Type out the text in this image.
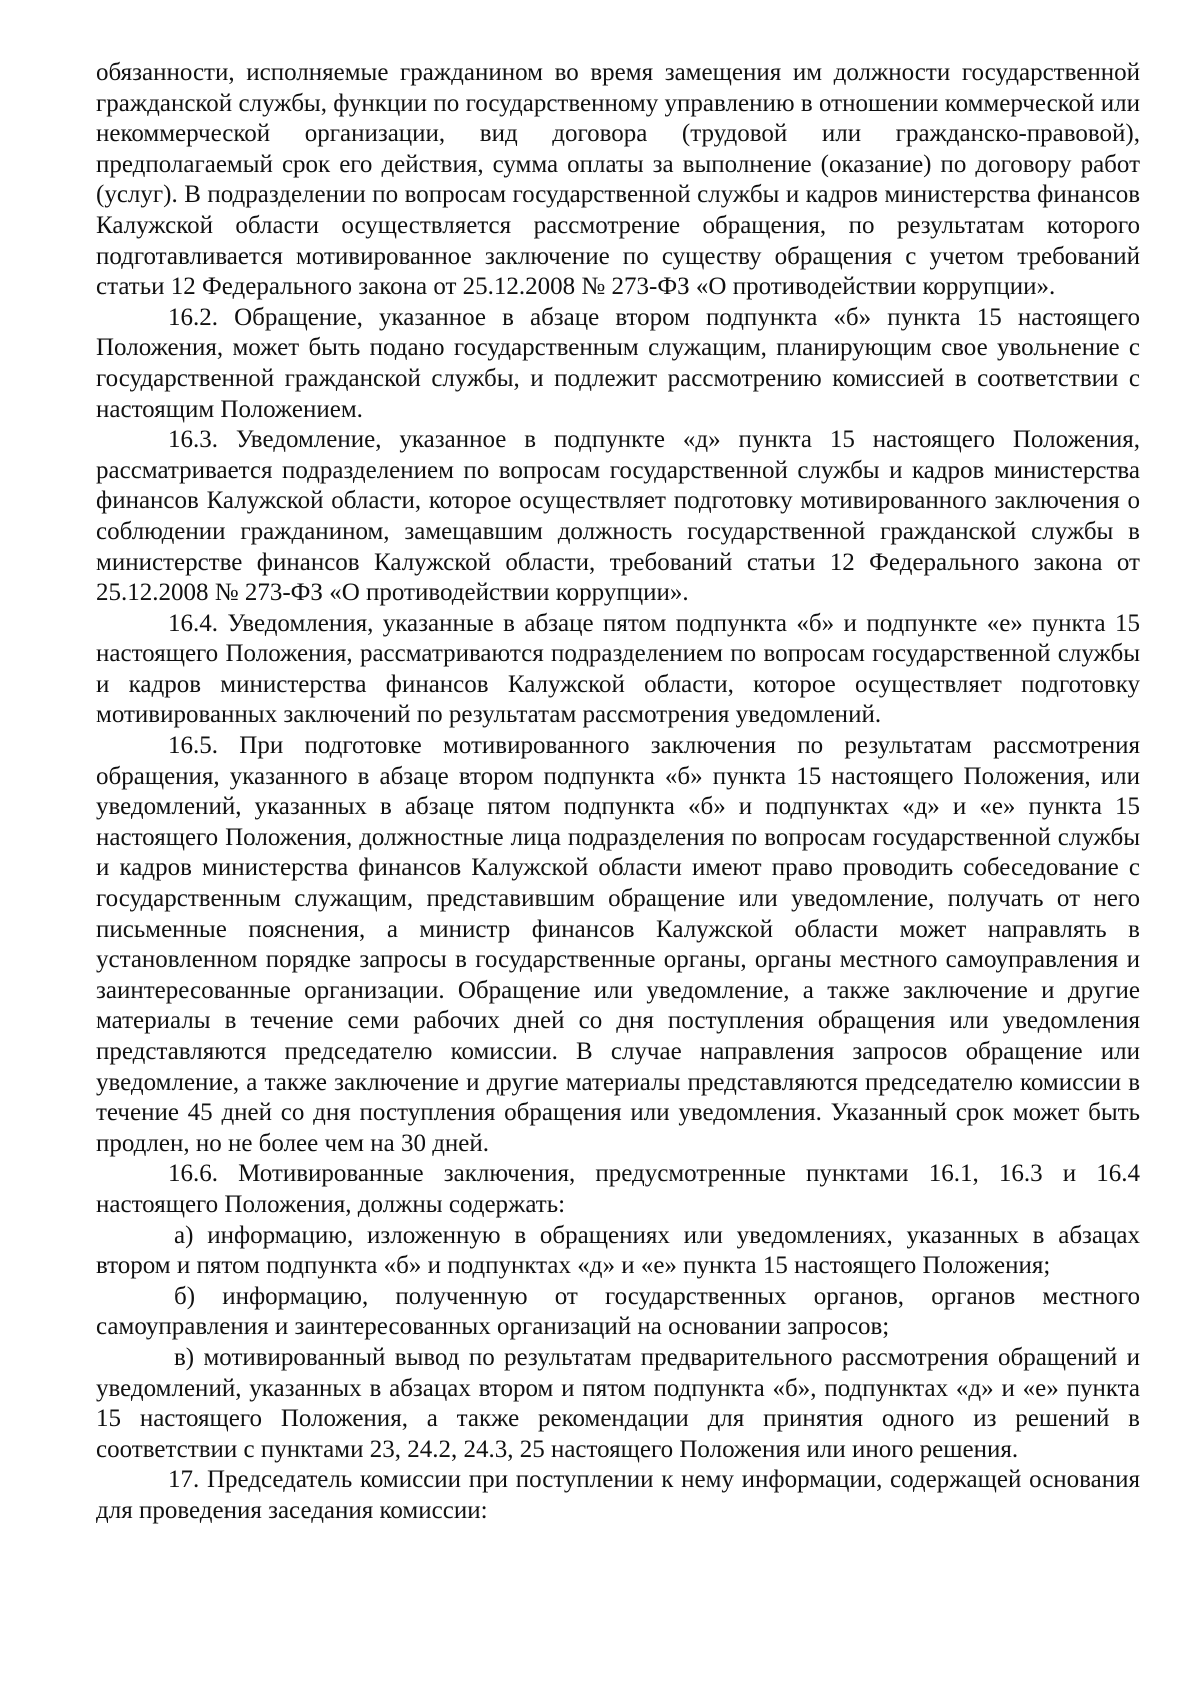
обязанности, исполняемые гражданином во время замещения им должности государственной гражданской службы, функции по государственному управлению в отношении коммерческой или некоммерческой организации, вид договора (трудовой или гражданско-правовой), предполагаемый срок его действия, сумма оплаты за выполнение (оказание) по договору работ (услуг). В подразделении по вопросам государственной службы и кадров министерства финансов Калужской области осуществляется рассмотрение обращения, по результатам которого подготавливается мотивированное заключение по существу обращения с учетом требований статьи 12 Федерального закона от 25.12.2008 № 273-ФЗ «О противодействии коррупции».

16.2. Обращение, указанное в абзаце втором подпункта «б» пункта 15 настоящего Положения, может быть подано государственным служащим, планирующим свое увольнение с государственной гражданской службы, и подлежит рассмотрению комиссией в соответствии с настоящим Положением.

16.3. Уведомление, указанное в подпункте «д» пункта 15 настоящего Положения, рассматривается подразделением по вопросам государственной службы и кадров министерства финансов Калужской области, которое осуществляет подготовку мотивированного заключения о соблюдении гражданином, замещавшим должность государственной гражданской службы в министерстве финансов Калужской области, требований статьи 12 Федерального закона от 25.12.2008 № 273-ФЗ «О противодействии коррупции».

16.4. Уведомления, указанные в абзаце пятом подпункта «б» и подпункте «е» пункта 15 настоящего Положения, рассматриваются подразделением по вопросам государственной службы и кадров министерства финансов Калужской области, которое осуществляет подготовку мотивированных заключений по результатам рассмотрения уведомлений.

16.5. При подготовке мотивированного заключения по результатам рассмотрения обращения, указанного в абзаце втором подпункта «б» пункта 15 настоящего Положения, или уведомлений, указанных в абзаце пятом подпункта «б» и подпунктах «д» и «е» пункта 15 настоящего Положения, должностные лица подразделения по вопросам государственной службы и кадров министерства финансов Калужской области имеют право проводить собеседование с государственным служащим, представившим обращение или уведомление, получать от него письменные пояснения, а министр финансов Калужской области может направлять в установленном порядке запросы в государственные органы, органы местного самоуправления и заинтересованные организации. Обращение или уведомление, а также заключение и другие материалы в течение семи рабочих дней со дня поступления обращения или уведомления представляются председателю комиссии. В случае направления запросов обращение или уведомление, а также заключение и другие материалы представляются председателю комиссии в течение 45 дней со дня поступления обращения или уведомления. Указанный срок может быть продлен, но не более чем на 30 дней.

16.6. Мотивированные заключения, предусмотренные пунктами 16.1, 16.3 и 16.4 настоящего Положения, должны содержать:

а) информацию, изложенную в обращениях или уведомлениях, указанных в абзацах втором и пятом подпункта «б» и подпунктах «д» и «е» пункта 15 настоящего Положения;

б) информацию, полученную от государственных органов, органов местного самоуправления и заинтересованных организаций на основании запросов;

в) мотивированный вывод по результатам предварительного рассмотрения обращений и уведомлений, указанных в абзацах втором и пятом подпункта «б», подпунктах «д» и «е» пункта 15 настоящего Положения, а также рекомендации для принятия одного из решений в соответствии с пунктами 23, 24.2, 24.3, 25 настоящего Положения или иного решения.

17. Председатель комиссии при поступлении к нему информации, содержащей основания для проведения заседания комиссии:
